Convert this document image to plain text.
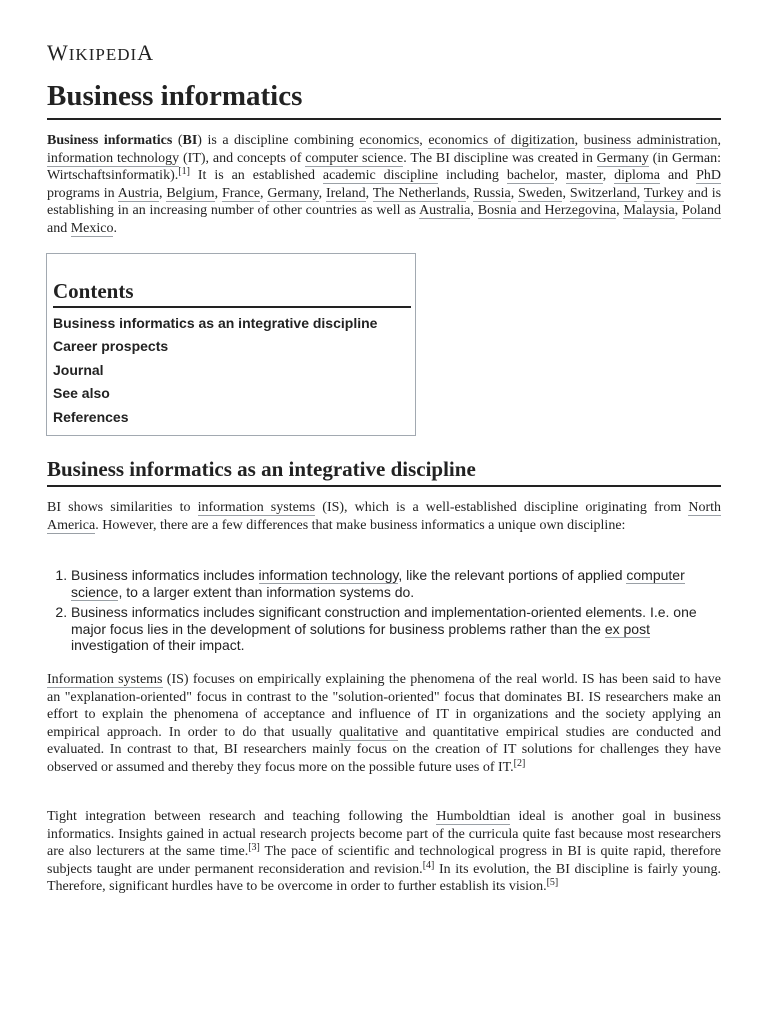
WIKIPEDIA
Business informatics

Business informatics (BI) is a discipline combining economics, economics of digitization, business administration, information technology (IT), and concepts of computer science. The BI discipline was created in Germany (in German: Wirtschaftsinformatik).[1] It is an established academic discipline including bachelor, master, diploma and PhD programs in Austria, Belgium, France, Germany, Ireland, The Netherlands, Russia, Sweden, Switzerland, Turkey and is establishing in an increasing number of other countries as well as Australia, Bosnia and Herzegovina, Malaysia, Poland and Mexico.

Contents
Business informatics as an integrative discipline
Career prospects
Journal
See also
References
Business informatics as an integrative discipline

BI shows similarities to information systems (IS), which is a well-established discipline originating from North America. However, there are a few differences that make business informatics a unique own discipline:

1. Business informatics includes information technology, like the relevant portions of applied computer science, to a larger extent than information systems do.
2. Business informatics includes significant construction and implementation-oriented elements. I.e. one major focus lies in the development of solutions for business problems rather than the ex post investigation of their impact.

Information systems (IS) focuses on empirically explaining the phenomena of the real world. IS has been said to have an "explanation-oriented" focus in contrast to the "solution-oriented" focus that dominates BI. IS researchers make an effort to explain the phenomena of acceptance and influence of IT in organizations and the society applying an empirical approach. In order to do that usually qualitative and quantitative empirical studies are conducted and evaluated. In contrast to that, BI researchers mainly focus on the creation of IT solutions for challenges they have observed or assumed and thereby they focus more on the possible future uses of IT.[2]

Tight integration between research and teaching following the Humboldtian ideal is another goal in business informatics. Insights gained in actual research projects become part of the curricula quite fast because most researchers are also lecturers at the same time.[3] The pace of scientific and technological progress in BI is quite rapid, therefore subjects taught are under permanent reconsideration and revision.[4] In its evolution, the BI discipline is fairly young. Therefore, significant hurdles have to be overcome in order to further establish its vision.[5]
